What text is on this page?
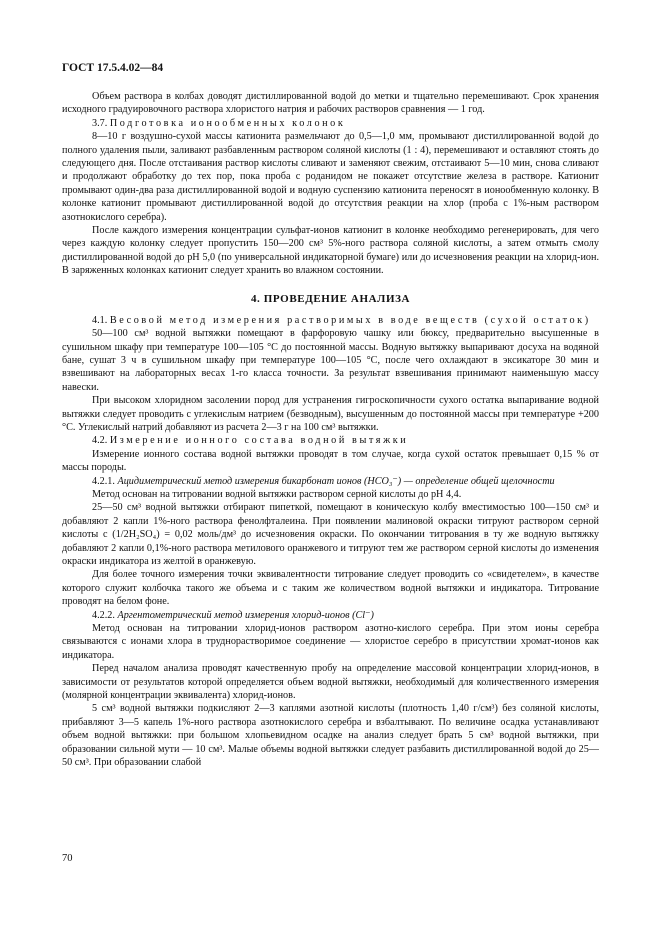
ГОСТ 17.5.4.02—84

Объем раствора в колбах доводят дистиллированной водой до метки и тщательно перемешивают. Срок хранения исходного градуировочного раствора хлористого натрия и рабочих растворов сравнения — 1 год.

3.7. Подготовка ионообменных колонок

8—10 г воздушно-сухой массы катионита размельчают до 0,5—1,0 мм, промывают дистиллированной водой до полного удаления пыли, заливают разбавленным раствором соляной кислоты (1 : 4), перемешивают и оставляют стоять до следующего дня. После отстаивания раствор кислоты сливают и заменяют свежим, отстаивают 5—10 мин, снова сливают и продолжают обработку до тех пор, пока проба с роданидом не покажет отсутствие железа в растворе. Катионит промывают один-два раза дистиллированной водой и водную суспензию катионита переносят в ионообменную колонку. В колонке катионит промывают дистиллированной водой до отсутствия реакции на хлор (проба с 1%-ным раствором азотнокислого серебра).

После каждого измерения концентрации сульфат-ионов катионит в колонке необходимо регенерировать, для чего через каждую колонку следует пропустить 150—200 см³ 5%-ного раствора соляной кислоты, а затем отмыть смолу дистиллированной водой до pH 5,0 (по универсальной индикаторной бумаге) или до исчезновения реакции на хлорид-ион. В заряженных колонках катионит следует хранить во влажном состоянии.

4. ПРОВЕДЕНИЕ АНАЛИЗА

4.1. Весовой метод измерения растворимых в воде веществ (сухой остаток)

50—100 см³ водной вытяжки помещают в фарфоровую чашку или бюксу, предварительно высушенные в сушильном шкафу при температуре 100—105 °С до постоянной массы. Водную вытяжку выпаривают досуха на водяной бане, сушат 3 ч в сушильном шкафу при температуре 100—105 °С, после чего охлаждают в эксикаторе 30 мин и взвешивают на лабораторных весах 1-го класса точности. За результат взвешивания принимают наименьшую массу навески.

При высоком хлоридном засолении пород для устранения гигроскопичности сухого остатка выпаривание водной вытяжки следует проводить с углекислым натрием (безводным), высушенным до постоянной массы при температуре +200 °С. Углекислый натрий добавляют из расчета 2—3 г на 100 см³ вытяжки.

4.2. Измерение ионного состава водной вытяжки

Измерение ионного состава водной вытяжки проводят в том случае, когда сухой остаток превышает 0,15 % от массы породы.

4.2.1. Ацидиметрический метод измерения бикарбонат ионов (HCO₃⁻) — определение общей щелочности

Метод основан на титровании водной вытяжки раствором серной кислоты до pH 4,4.

25—50 см³ водной вытяжки отбирают пипеткой, помещают в коническую колбу вместимостью 100—150 см³ и добавляют 2 капли 1%-ного раствора фенолфталеина. При появлении малиновой окраски титруют раствором серной кислоты c (1/2H₂SO₄) = 0,02 моль/дм³ до исчезновения окраски. По окончании титрования в ту же водную вытяжку добавляют 2 капли 0,1%-ного раствора метилового оранжевого и титруют тем же раствором серной кислоты до изменения окраски индикатора из желтой в оранжевую.

Для более точного измерения точки эквивалентности титрование следует проводить со «свидетелем», в качестве которого служит колбочка такого же объема и с таким же количеством водной вытяжки и индикатора. Титрование проводят на белом фоне.

4.2.2. Аргентометрический метод измерения хлорид-ионов (Cl⁻)

Метод основан на титровании хлорид-ионов раствором азотно-кислого серебра. При этом ионы серебра связываются с ионами хлора в труднорастворимое соединение — хлористое серебро в присутствии хромат-ионов как индикатора.

Перед началом анализа проводят качественную пробу на определение массовой концентрации хлорид-ионов, в зависимости от результатов которой определяется объем водной вытяжки, необходимый для количественного измерения (молярной концентрации эквивалента) хлорид-ионов.

5 см³ водной вытяжки подкисляют 2—3 каплями азотной кислоты (плотность 1,40 г/см³) без соляной кислоты, прибавляют 3—5 капель 1%-ного раствора азотнокислого серебра и взбалтывают. По величине осадка устанавливают объем водной вытяжки: при большом хлопьевидном осадке на анализ следует брать 5 см³ водной вытяжки, при образовании сильной мути — 10 см³. Малые объемы водной вытяжки следует разбавить дистиллированной водой до 25—50 см³. При образовании слабой

70
